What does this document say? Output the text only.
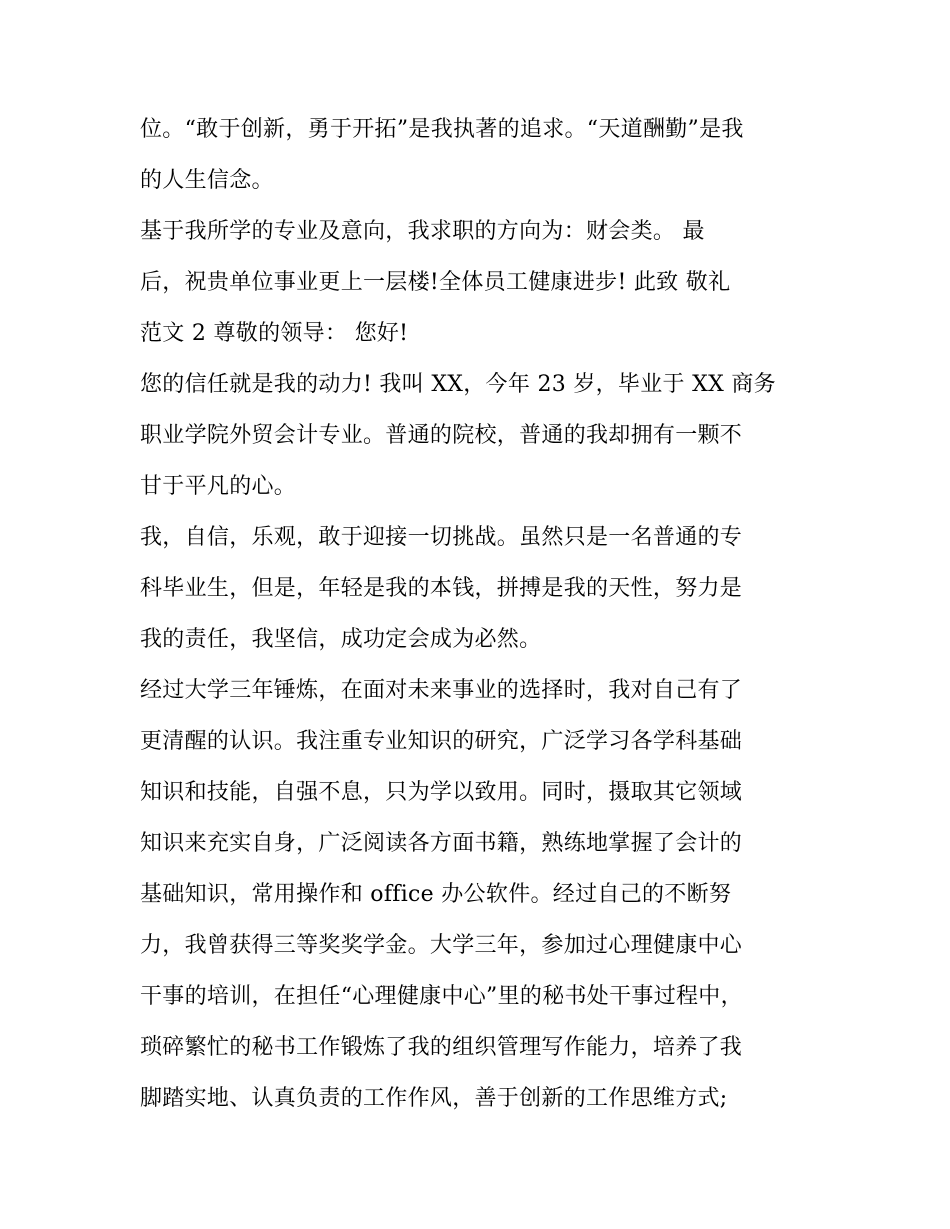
位。“敢于创新，勇于开拓”是我执著的追求。“天道酬勤”是我
的人生信念。
基于我所学的专业及意向，我求职的方向为：财会类。 最
后，祝贵单位事业更上一层楼!全体员工健康进步! 此致 敬礼
范文 2 尊敬的领导： 您好!
您的信任就是我的动力! 我叫 XX，今年 23 岁，毕业于 XX 商务
职业学院外贸会计专业。普通的院校，普通的我却拥有一颗不
甘于平凡的心。
我，自信，乐观，敢于迎接一切挑战。虽然只是一名普通的专
科毕业生，但是，年轻是我的本钱，拼搏是我的天性，努力是
我的责任，我坚信，成功定会成为必然。
经过大学三年锤炼，在面对未来事业的选择时，我对自己有了
更清醒的认识。我注重专业知识的研究，广泛学习各学科基础
知识和技能，自强不息，只为学以致用。同时，摄取其它领域
知识来充实自身，广泛阅读各方面书籍，熟练地掌握了会计的
基础知识，常用操作和 office 办公软件。经过自己的不断努
力，我曾获得三等奖奖学金。大学三年，参加过心理健康中心
干事的培训，在担任“心理健康中心”里的秘书处干事过程中，
琐碎繁忙的秘书工作锻炼了我的组织管理写作能力，培养了我
脚踏实地、认真负责的工作作风，善于创新的工作思维方式;
